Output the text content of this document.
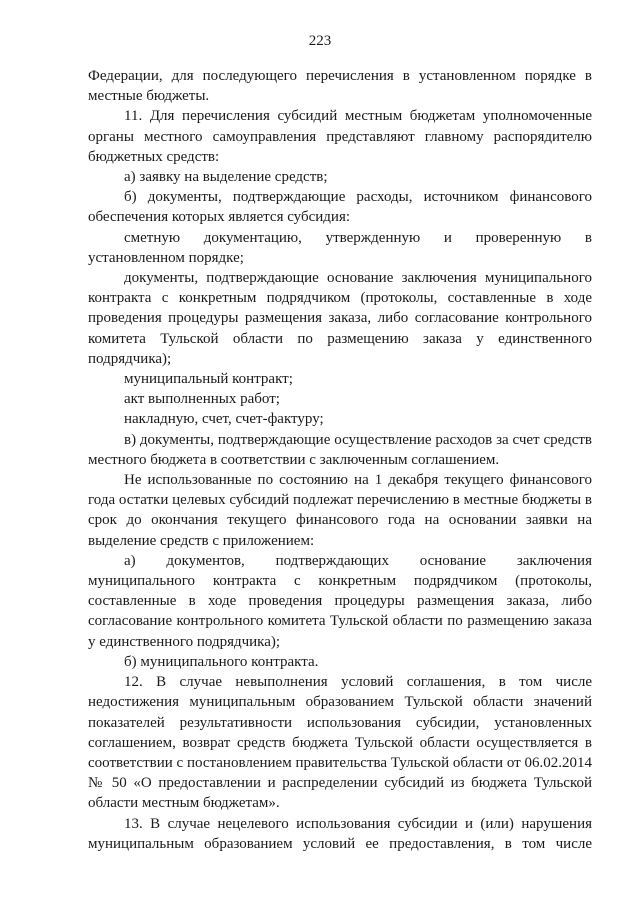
223

Федерации, для последующего перечисления в установленном порядке в местные бюджеты.

11. Для перечисления субсидий местным бюджетам уполномоченные органы местного самоуправления представляют главному распорядителю бюджетных средств:

а) заявку на выделение средств;

б) документы, подтверждающие расходы, источником финансового обеспечения которых является субсидия:

сметную документацию, утвержденную и проверенную в установленном порядке;

документы, подтверждающие основание заключения муниципального контракта с конкретным подрядчиком (протоколы, составленные в ходе проведения процедуры размещения заказа, либо согласование контрольного комитета Тульской области по размещению заказа у единственного подрядчика);

муниципальный контракт;

акт выполненных работ;

накладную, счет, счет-фактуру;

в) документы, подтверждающие осуществление расходов за счет средств местного бюджета в соответствии с заключенным соглашением.

Не использованные по состоянию на 1 декабря текущего финансового года остатки целевых субсидий подлежат перечислению в местные бюджеты в срок до окончания текущего финансового года на основании заявки на выделение средств с приложением:

а) документов, подтверждающих основание заключения муниципального контракта с конкретным подрядчиком (протоколы, составленные в ходе проведения процедуры размещения заказа, либо согласование контрольного комитета Тульской области по размещению заказа у единственного подрядчика);

б) муниципального контракта.

12. В случае невыполнения условий соглашения, в том числе недостижения муниципальным образованием Тульской области значений показателей результативности использования субсидии, установленных соглашением, возврат средств бюджета Тульской области осуществляется в соответствии с постановлением правительства Тульской области от 06.02.2014 № 50 «О предоставлении и распределении субсидий из бюджета Тульской области местным бюджетам».

13. В случае нецелевого использования субсидии и (или) нарушения муниципальным образованием условий ее предоставления, в том числе
